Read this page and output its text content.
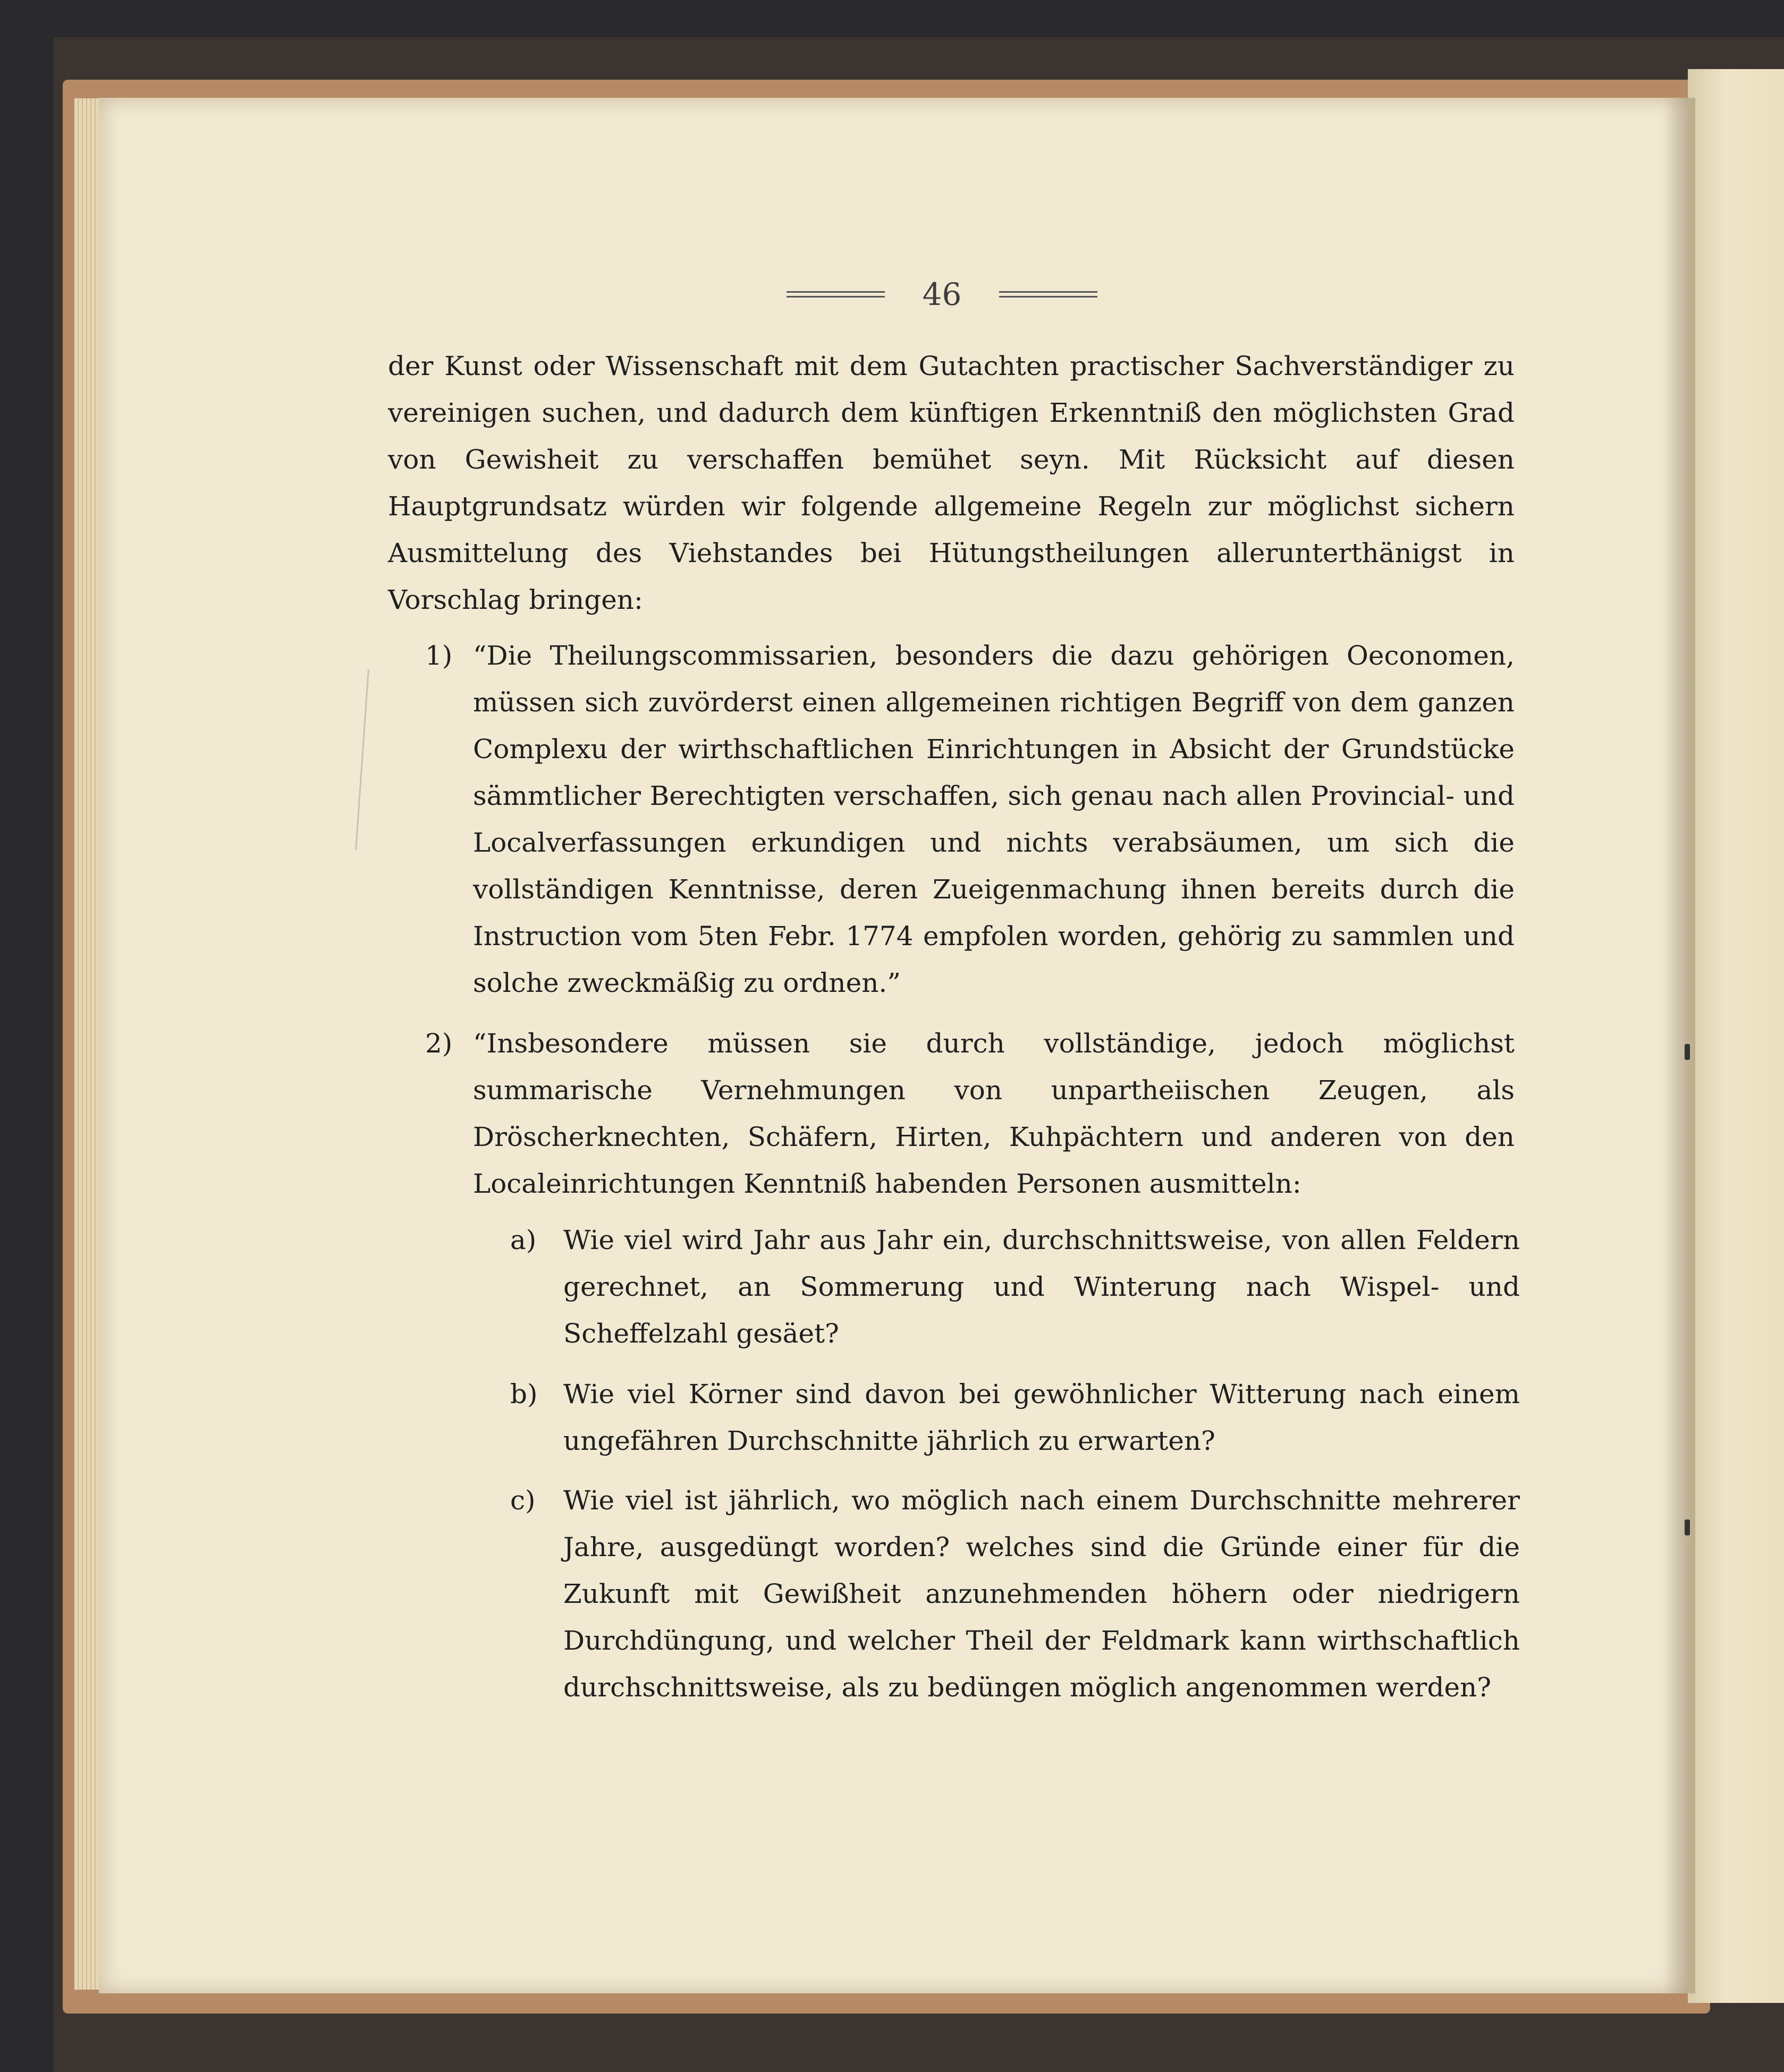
46
der Kunst oder Wissenschaft mit dem Gutachten practischer Sachverständiger zu vereinigen suchen, und dadurch dem künftigen Erkenntniß den möglichsten Grad von Gewisheit zu verschaffen bemühet seyn. Mit Rücksicht auf diesen Hauptgrundsatz würden wir folgende allgemeine Regeln zur möglichst sichern Ausmittelung des Viehstandes bei Hütungstheilungen allerunterthänigst in Vorschlag bringen:
1) “Die Theilungscommissarien, besonders die dazu gehörigen Oeconomen, müssen sich zuvörderst einen allgemeinen richtigen Begriff von dem ganzen Complexu der wirthschaftlichen Einrichtungen in Absicht der Grundstücke sämmtlicher Berechtigten verschaffen, sich genau nach allen Provincial- und Localverfassungen erkundigen und nichts verabsäumen, um sich die vollständigen Kenntnisse, deren Zueigenmachung ihnen bereits durch die Instruction vom 5ten Febr. 1774 empfolen worden, gehörig zu sammlen und solche zweckmäßig zu ordnen.”
2) “Insbesondere müssen sie durch vollständige, jedoch möglichst summarische Vernehmungen von unpartheiischen Zeugen, als Dröscherknechten, Schäfern, Hirten, Kuhpächtern und anderen von den Localeinrichtungen Kenntniß habenden Personen ausmitteln:
a)	Wie viel wird Jahr aus Jahr ein, durchschnittsweise, von allen Feldern gerechnet, an Sommerung und Winterung nach Wispel- und Scheffelzahl gesäet?
b) Wie viel Körner sind davon bei gewöhnlicher Witterung nach einem ungefähren Durchschnitte jährlich zu erwarten?
c)	Wie viel ist jährlich, wo möglich nach einem Durchschnitte mehrerer Jahre, ausgedüngt worden? welches sind die Gründe einer für die Zukunft mit Gewißheit anzunehmenden höhern oder niedrigern Durchdüngung, und welcher Theil der Feldmark kann wirthschaftlich durchschnittsweise, als zu bedüngen möglich angenommen werden?
